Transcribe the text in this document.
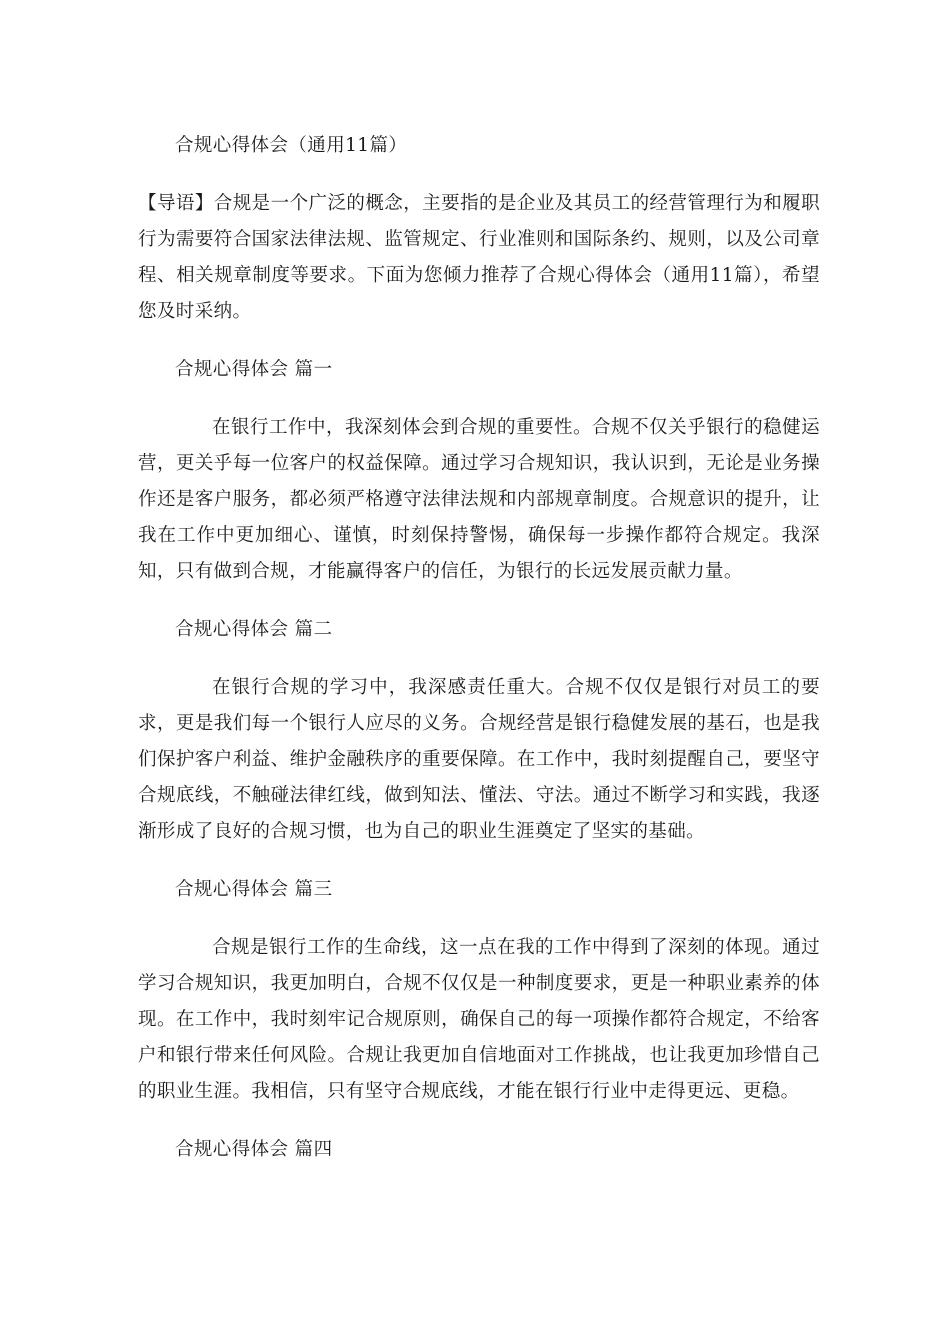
合规心得体会（通用11篇）

【导语】合规是一个广泛的概念，主要指的是企业及其员工的经营管理行为和履职行为需要符合国家法律法规、监管规定、行业准则和国际条约、规则，以及公司章程、相关规章制度等要求。下面为您倾力推荐了合规心得体会（通用11篇），希望您及时采纳。

合规心得体会 篇一

在银行工作中，我深刻体会到合规的重要性。合规不仅关乎银行的稳健运营，更关乎每一位客户的权益保障。通过学习合规知识，我认识到，无论是业务操作还是客户服务，都必须严格遵守法律法规和内部规章制度。合规意识的提升，让我在工作中更加细心、谨慎，时刻保持警惕，确保每一步操作都符合规定。我深知，只有做到合规，才能赢得客户的信任，为银行的长远发展贡献力量。

合规心得体会 篇二

在银行合规的学习中，我深感责任重大。合规不仅仅是银行对员工的要求，更是我们每一个银行人应尽的义务。合规经营是银行稳健发展的基石，也是我们保护客户利益、维护金融秩序的重要保障。在工作中，我时刻提醒自己，要坚守合规底线，不触碰法律红线，做到知法、懂法、守法。通过不断学习和实践，我逐渐形成了良好的合规习惯，也为自己的职业生涯奠定了坚实的基础。

合规心得体会 篇三

合规是银行工作的生命线，这一点在我的工作中得到了深刻的体现。通过学习合规知识，我更加明白，合规不仅仅是一种制度要求，更是一种职业素养的体现。在工作中，我时刻牢记合规原则，确保自己的每一项操作都符合规定，不给客户和银行带来任何风险。合规让我更加自信地面对工作挑战，也让我更加珍惜自己的职业生涯。我相信，只有坚守合规底线，才能在银行行业中走得更远、更稳。

合规心得体会 篇四
